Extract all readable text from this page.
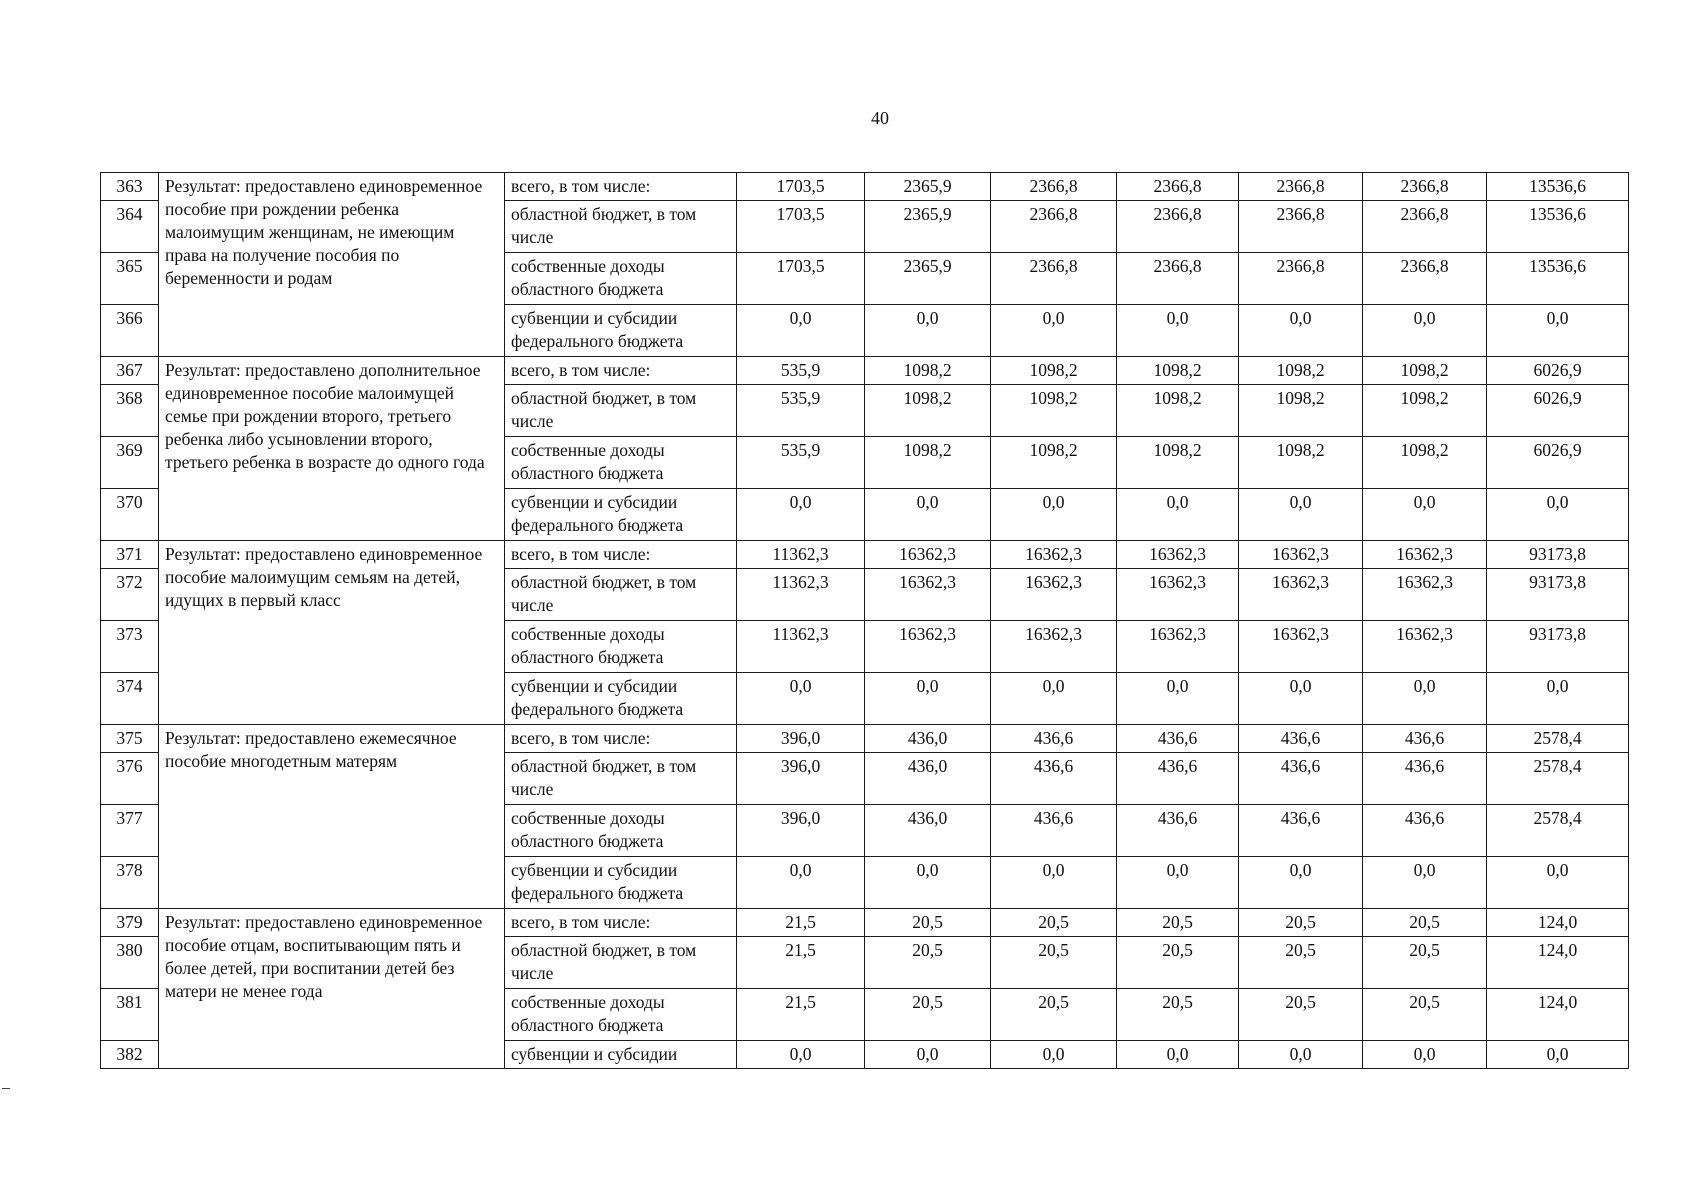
40
363	Результат: предоставлено единовременное пособие при рождении ребенка малоимущим женщинам, не имеющим права на получение пособия по беременности и родам	всего, в том числе:	1703,5	2365,9	2366,8	2366,8	2366,8	2366,8	13536,6
364		областной бюджет, в том числе	1703,5	2365,9	2366,8	2366,8	2366,8	2366,8	13536,6
365		собственные доходы областного бюджета	1703,5	2365,9	2366,8	2366,8	2366,8	2366,8	13536,6
366		субвенции и субсидии федерального бюджета	0,0	0,0	0,0	0,0	0,0	0,0	0,0
367	Результат: предоставлено дополнительное единовременное пособие малоимущей семье при рождении второго, третьего ребенка либо усыновлении второго, третьего ребенка в возрасте до одного года	всего, в том числе:	535,9	1098,2	1098,2	1098,2	1098,2	1098,2	6026,9
368		областной бюджет, в том числе	535,9	1098,2	1098,2	1098,2	1098,2	1098,2	6026,9
369		собственные доходы областного бюджета	535,9	1098,2	1098,2	1098,2	1098,2	1098,2	6026,9
370		субвенции и субсидии федерального бюджета	0,0	0,0	0,0	0,0	0,0	0,0	0,0
371	Результат: предоставлено единовременное пособие малоимущим семьям на детей, идущих в первый класс	всего, в том числе:	11362,3	16362,3	16362,3	16362,3	16362,3	16362,3	93173,8
372		областной бюджет, в том числе	11362,3	16362,3	16362,3	16362,3	16362,3	16362,3	93173,8
373		собственные доходы областного бюджета	11362,3	16362,3	16362,3	16362,3	16362,3	16362,3	93173,8
374		субвенции и субсидии федерального бюджета	0,0	0,0	0,0	0,0	0,0	0,0	0,0
375	Результат: предоставлено ежемесячное пособие многодетным матерям	всего, в том числе:	396,0	436,0	436,6	436,6	436,6	436,6	2578,4
376		областной бюджет, в том числе	396,0	436,0	436,6	436,6	436,6	436,6	2578,4
377		собственные доходы областного бюджета	396,0	436,0	436,6	436,6	436,6	436,6	2578,4
378		субвенции и субсидии федерального бюджета	0,0	0,0	0,0	0,0	0,0	0,0	0,0
379	Результат: предоставлено единовременное пособие отцам, воспитывающим пять и более детей, при воспитании детей без матери не менее года	всего, в том числе:	21,5	20,5	20,5	20,5	20,5	20,5	124,0
380		областной бюджет, в том числе	21,5	20,5	20,5	20,5	20,5	20,5	124,0
381		собственные доходы областного бюджета	21,5	20,5	20,5	20,5	20,5	20,5	124,0
382		субвенции и субсидии	0,0	0,0	0,0	0,0	0,0	0,0	0,0
